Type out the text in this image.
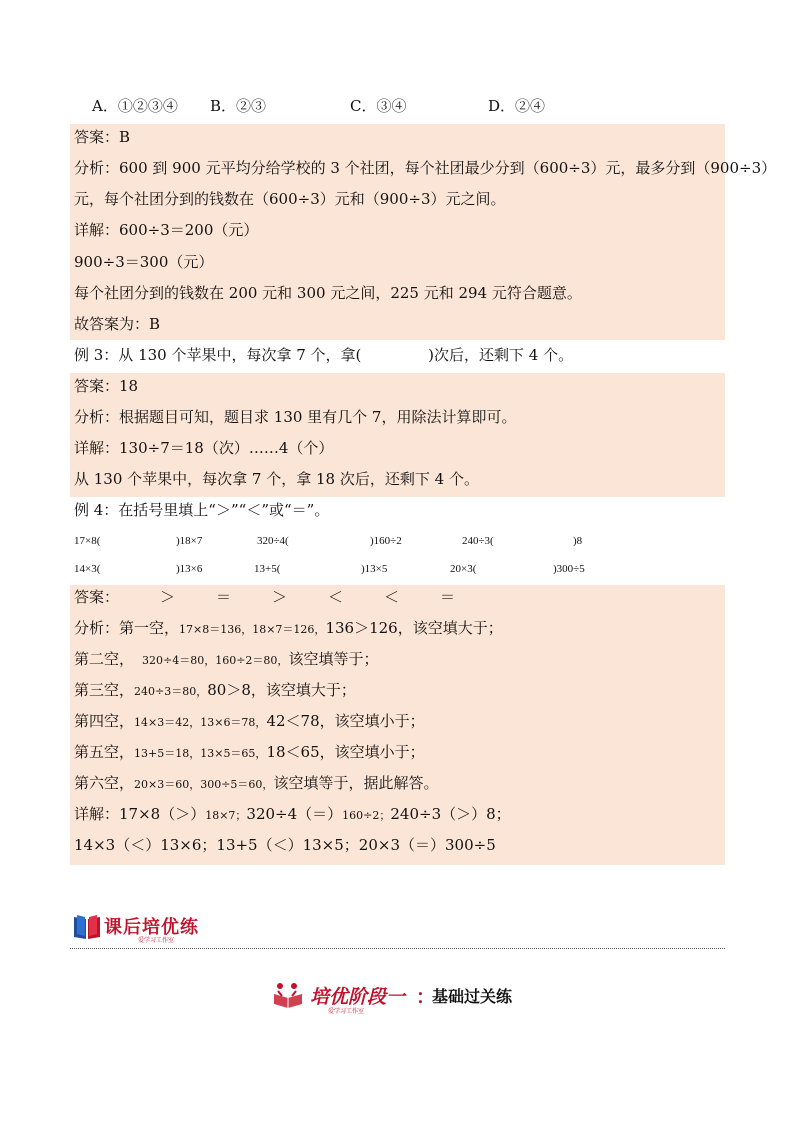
A．①②③④ B．②③	C．③④	D．②④
答案：B
分析：600 到 900 元平均分给学校的 3 个社团，每个社团最少分到（600÷3）元，最多分到（900÷3）
元，每个社团分到的钱数在（600÷3）元和（900÷3）元之间。
详解：600÷3＝200（元）
900÷3＝300（元）
每个社团分到的钱数在 200 元和 300 元之间，225 元和 294 元符合题意。
故答案为：B
例 3：从 130 个苹果中，每次拿 7 个，拿(              )次后，还剩下 4 个。
答案：18
分析：根据题目可知，题目求 130 里有几个 7，用除法计算即可。
详解：130÷7＝18（次）……4（个）
从 130 个苹果中，每次拿 7 个，拿 18 次后，还剩下 4 个。
例 4：在括号里填上“＞”“＜”或“＝”。
17×8(	)18×7	320÷4(	)160÷2	240÷3(	)8
14×3(	)13×6	13+5(	)13×5	20×3(	)300÷5
答案：	＞	＝	＞	＜	＜	＝
分析：第一空，17×8＝136，18×7＝126，136＞126，该空填大于；
第二空， 320÷4＝80，160÷2＝80，该空填等于；
第三空，240÷3＝80，80＞8，该空填大于；
第四空，14×3＝42，13×6＝78，42＜78，该空填小于；
第五空，13+5＝18，13×5＝65，18＜65，该空填小于；
第六空，20×3＝60，300÷5＝60，该空填等于，据此解答。
详解：17×8（＞）18×7；320÷4（＝）160÷2；240÷3（＞）8；
14×3（＜）13×6；13+5（＜）13×5；20×3（＝）300÷5
课后培优练
爱学习工作室
培优阶段一 ：
基础过关练
爱学习工作室
